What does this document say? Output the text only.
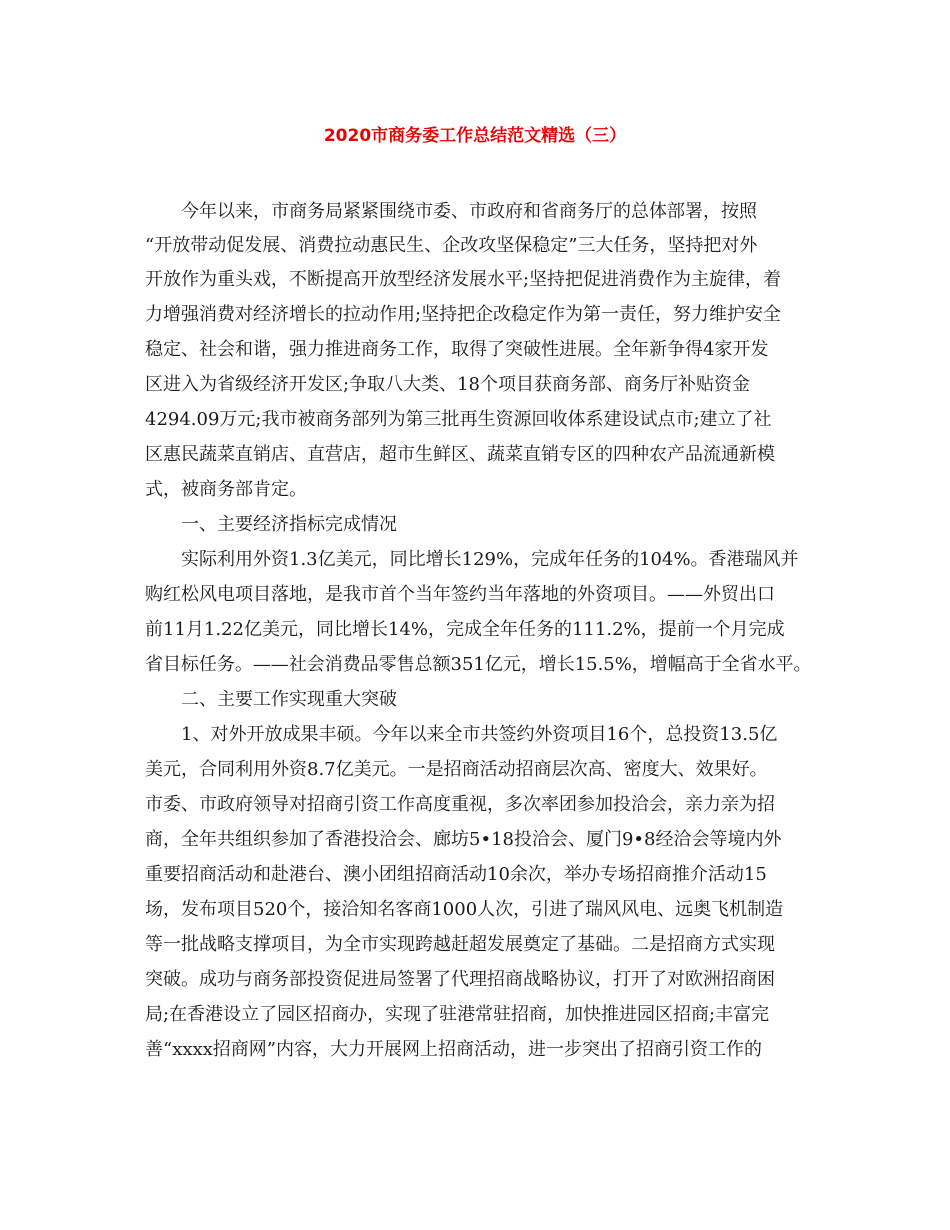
2020市商务委工作总结范文精选（三）
今年以来，市商务局紧紧围绕市委、市政府和省商务厅的总体部署，按照
“开放带动促发展、消费拉动惠民生、企改攻坚保稳定”三大任务，坚持把对外
开放作为重头戏，不断提高开放型经济发展水平;坚持把促进消费作为主旋律，着
力增强消费对经济增长的拉动作用;坚持把企改稳定作为第一责任，努力维护安全
稳定、社会和谐，强力推进商务工作，取得了突破性进展。全年新争得4家开发
区进入为省级经济开发区;争取八大类、18个项目获商务部、商务厅补贴资金
4294.09万元;我市被商务部列为第三批再生资源回收体系建设试点市;建立了社
区惠民蔬菜直销店、直营店，超市生鲜区、蔬菜直销专区的四种农产品流通新模
式，被商务部肯定。
一、主要经济指标完成情况
实际利用外资1.3亿美元，同比增长129%，完成年任务的104%。香港瑞风并
购红松风电项目落地，是我市首个当年签约当年落地的外资项目。——外贸出口
前11月1.22亿美元，同比增长14%，完成全年任务的111.2%，提前一个月完成
省目标任务。——社会消费品零售总额351亿元，增长15.5%，增幅高于全省水平。
二、主要工作实现重大突破
1、对外开放成果丰硕。今年以来全市共签约外资项目16个，总投资13.5亿
美元，合同利用外资8.7亿美元。一是招商活动招商层次高、密度大、效果好。
市委、市政府领导对招商引资工作高度重视，多次率团参加投洽会，亲力亲为招
商，全年共组织参加了香港投洽会、廊坊5•18投洽会、厦门9•8经洽会等境内外
重要招商活动和赴港台、澳小团组招商活动10余次，举办专场招商推介活动15
场，发布项目520个，接洽知名客商1000人次，引进了瑞风风电、远奥飞机制造
等一批战略支撑项目，为全市实现跨越赶超发展奠定了基础。二是招商方式实现
突破。成功与商务部投资促进局签署了代理招商战略协议，打开了对欧洲招商困
局;在香港设立了园区招商办，实现了驻港常驻招商，加快推进园区招商;丰富完
善“xxxx招商网”内容，大力开展网上招商活动，进一步突出了招商引资工作的
